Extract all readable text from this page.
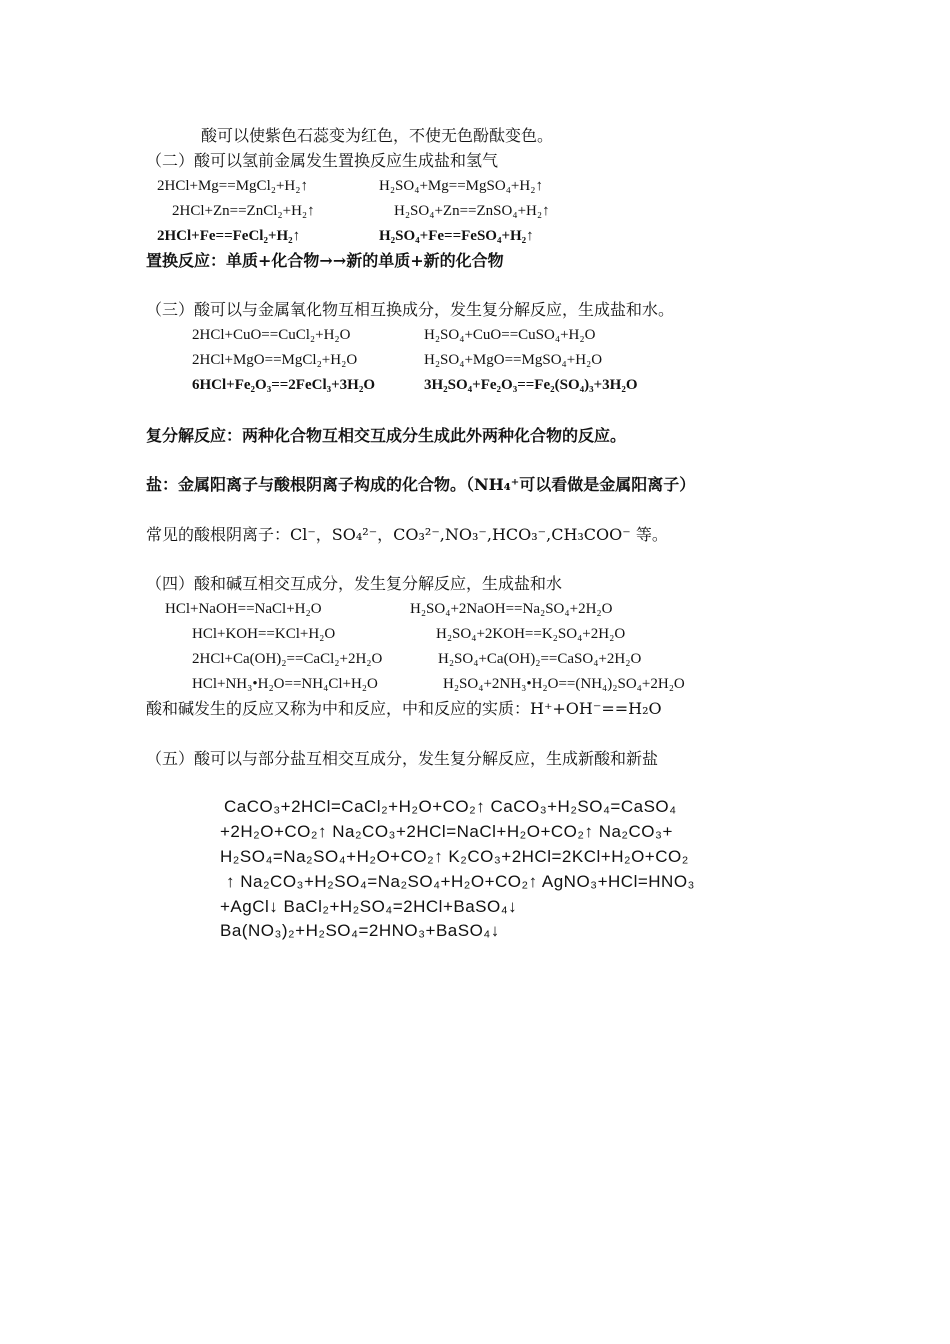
酸可以使紫色石蕊变为红色，不使无色酚酞变色。
（二）酸可以氢前金属发生置换反应生成盐和氢气
2HCl+Mg==MgCl₂+H₂↑	H₂SO₄+Mg==MgSO₄+H₂↑
2HCl+Zn==ZnCl₂+H₂↑	H₂SO₄+Zn==ZnSO₄+H₂↑
2HCl+Fe==FeCl₂+H₂↑	H₂SO₄+Fe==FeSO₄+H₂↑
置换反应：单质+化合物→→新的单质+新的化合物
（三）酸可以与金属氧化物互相互换成分，发生复分解反应，生成盐和水。
2HCl+CuO==CuCl₂+H₂O	H₂SO₄+CuO==CuSO₄+H₂O
2HCl+MgO==MgCl₂+H₂O	H₂SO₄+MgO==MgSO₄+H₂O
6HCl+Fe₂O₃==2FeCl₃+3H₂O	3H₂SO₄+Fe₂O₃==Fe₂(SO₄)₃+3H₂O
复分解反应：两种化合物互相交互成分生成此外两种化合物的反应。
盐：金属阳离子与酸根阴离子构成的化合物。（NH₄⁺可以看做是金属阳离子）
常见的酸根阴离子：Cl⁻，SO₄²⁻，CO₃²⁻,NO₃⁻,HCO₃⁻,CH₃COO⁻ 等。
（四）酸和碱互相交互成分，发生复分解反应，生成盐和水
HCl+NaOH==NaCl+H₂O	H₂SO₄+2NaOH==Na₂SO₄+2H₂O
HCl+KOH==KCl+H₂O	H₂SO₄+2KOH==K₂SO₄+2H₂O
2HCl+Ca(OH)₂==CaCl₂+2H₂O	H₂SO₄+Ca(OH)₂==CaSO₄+2H₂O
HCl+NH₃•H₂O==NH₄Cl+H₂O	H₂SO₄+2NH₃•H₂O==(NH₄)₂SO₄+2H₂O
酸和碱发生的反应又称为中和反应，中和反应的实质：H⁺+OH⁻==H₂O
（五）酸可以与部分盐互相交互成分，发生复分解反应，生成新酸和新盐
CaCO₃+2HCl=CaCl₂+H₂O+CO₂↑ CaCO₃+H₂SO₄=CaSO₄
+2H₂O+CO₂↑ Na₂CO₃+2HCl=NaCl+H₂O+CO₂↑ Na₂CO₃+
H₂SO₄=Na₂SO₄+H₂O+CO₂↑ K₂CO₃+2HCl=2KCl+H₂O+CO₂
↑ Na₂CO₃+H₂SO₄=Na₂SO₄+H₂O+CO₂↑ AgNO₃+HCl=HNO₃
+AgCl↓ BaCl₂+H₂SO₄=2HCl+BaSO₄↓
Ba(NO₃)₂+H₂SO₄=2HNO₃+BaSO₄↓
